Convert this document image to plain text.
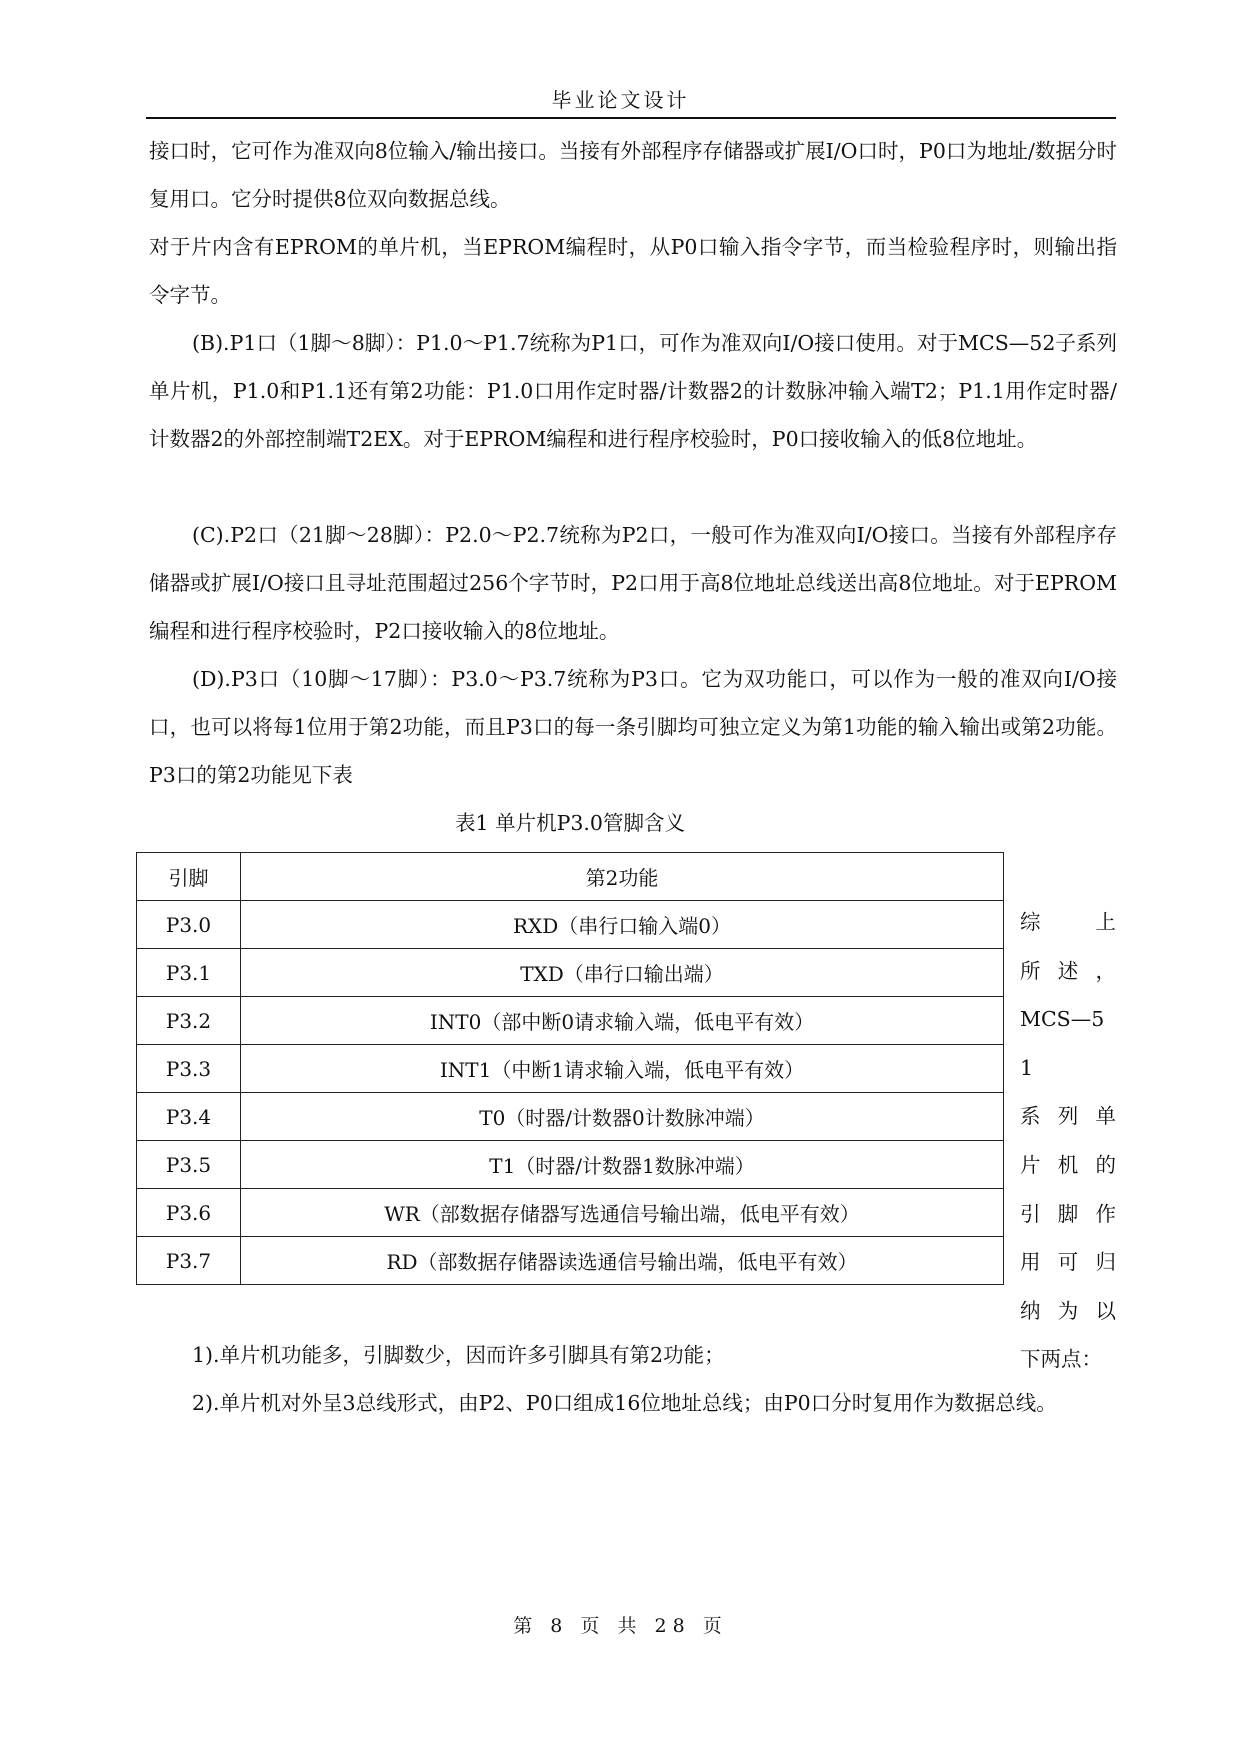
毕业论文设计

接口时，它可作为准双向8位输入/输出接口。当接有外部程序存储器或扩展I/O口时，P0口为地址/数据分时复用口。它分时提供8位双向数据总线。

对于片内含有EPROM的单片机，当EPROM编程时，从P0口输入指令字节，而当检验程序时，则输出指令字节。

(B).P1口（1脚～8脚）：P1.0～P1.7统称为P1口，可作为准双向I/O接口使用。对于MCS—52子系列单片机，P1.0和P1.1还有第2功能：P1.0口用作定时器/计数器2的计数脉冲输入端T2；P1.1用作定时器/计数器2的外部控制端T2EX。对于EPROM编程和进行程序校验时，P0口接收输入的低8位地址。

(C).P2口（21脚～28脚）：P2.0～P2.7统称为P2口，一般可作为准双向I/O接口。当接有外部程序存储器或扩展I/O接口且寻址范围超过256个字节时，P2口用于高8位地址总线送出高8位地址。对于EPROM编程和进行程序校验时，P2口接收输入的8位地址。

(D).P3口（10脚～17脚）：P3.0～P3.7统称为P3口。它为双功能口，可以作为一般的准双向I/O接口，也可以将每1位用于第2功能，而且P3口的每一条引脚均可独立定义为第1功能的输入输出或第2功能。P3口的第2功能见下表

表1 单片机P3.0管脚含义
引脚	第2功能
P3.0	RXD（串行口输入端0）
P3.1	TXD（串行口输出端）
P3.2	INT0（部中断0请求输入端，低电平有效）
P3.3	INT1（中断1请求输入端，低电平有效）
P3.4	T0（时器/计数器0计数脉冲端）
P3.5	T1（时器/计数器1数脉冲端）
P3.6	WR（部数据存储器写选通信号输出端，低电平有效）
P3.7	RD（部数据存储器读选通信号输出端，低电平有效）
综上
所述，
MCS—51
系列单
片机的
引脚作
用可归
纳为以
下两点：

1).单片机功能多，引脚数少，因而许多引脚具有第2功能；

2).单片机对外呈3总线形式，由P2、P0口组成16位地址总线；由P0口分时复用作为数据总线。

第 8 页 共 28 页
